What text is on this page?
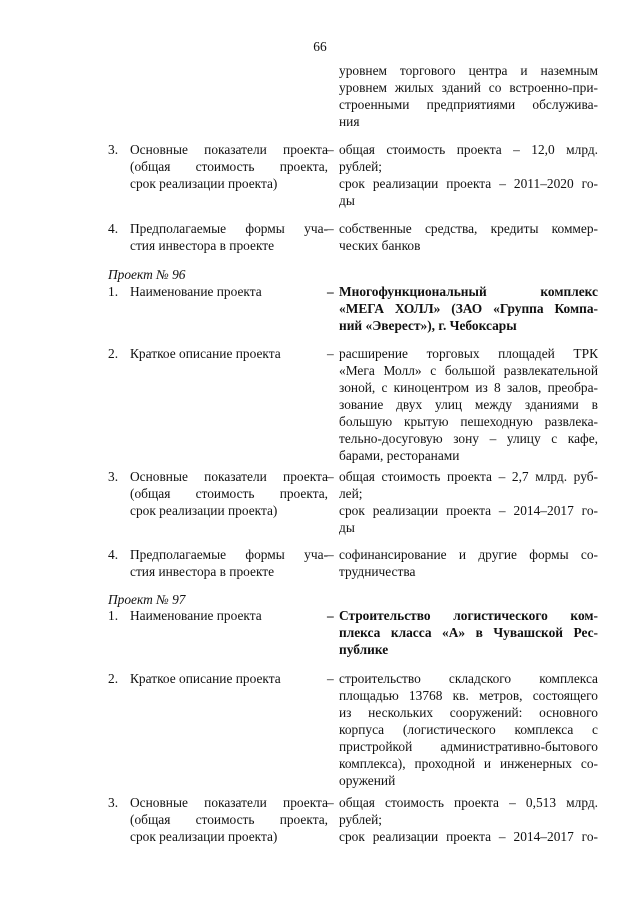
66
уровнем торгового центра и наземным
уровнем жилых зданий со встроенно-при-
строенными предприятиями обслужива-
ния
3. Основные показатели проекта
(общая стоимость проекта,
срок реализации проекта)
– общая стоимость проекта – 12,0 млрд.
рублей;
срок реализации проекта – 2011–2020 го-
ды
4. Предполагаемые формы уча-
стия инвестора в проекте
– собственные средства, кредиты коммер-
ческих банков
Проект № 96
1. Наименование проекта	– Многофункциональный комплекс
«МЕГА ХОЛЛ» (ЗАО «Группа Компа-
ний «Эверест»), г. Чебоксары
2. Краткое описание проекта	– расширение торговых площадей ТРК
«Мега Молл» с большой развлекательной
зоной, с киноцентром из 8 залов, преобра-
зование двух улиц между зданиями в
большую крытую пешеходную развлека-
тельно-досуговую зону – улицу с кафе,
барами, ресторанами
3. Основные показатели проекта
(общая стоимость проекта,
срок реализации проекта)
– общая стоимость проекта – 2,7 млрд. руб-
лей;
срок реализации проекта – 2014–2017 го-
ды
4. Предполагаемые формы уча-
стия инвестора в проекте
– софинансирование и другие формы со-
трудничества
Проект № 97
1. Наименование проекта	– Строительство логистического ком-
плекса класса «А» в Чувашской Рес-
публике
2. Краткое описание проекта	– строительство складского комплекса
площадью 13768 кв. метров, состоящего
из нескольких сооружений: основного
корпуса (логистического комплекса с
пристройкой административно-бытового
комплекса), проходной и инженерных со-
оружений
3. Основные показатели проекта
(общая стоимость проекта,
срок реализации проекта)
– общая стоимость проекта – 0,513 млрд.
рублей;
срок реализации проекта – 2014–2017 го-
